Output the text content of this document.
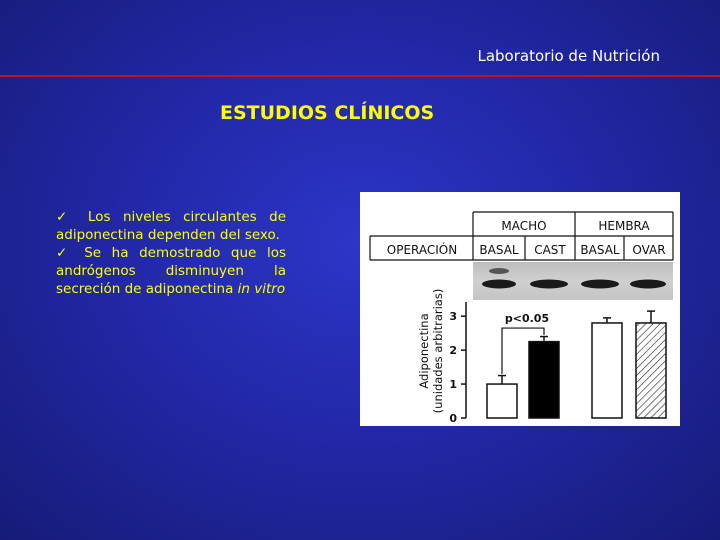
Laboratorio de Nutrición
ESTUDIOS CLÍNICOS

✓ Los niveles circulantes de adiponectina dependen del sexo.

✓ Se ha demostrado que los andrógenos disminuyen la secreción de adiponectina in vitro

MACHO	HEMBRA
OPERACIÓN BASAL CAST BASAL OVAR
Adiponectina (unidades arbitrarias)
0
1
2
3	p<0.05
